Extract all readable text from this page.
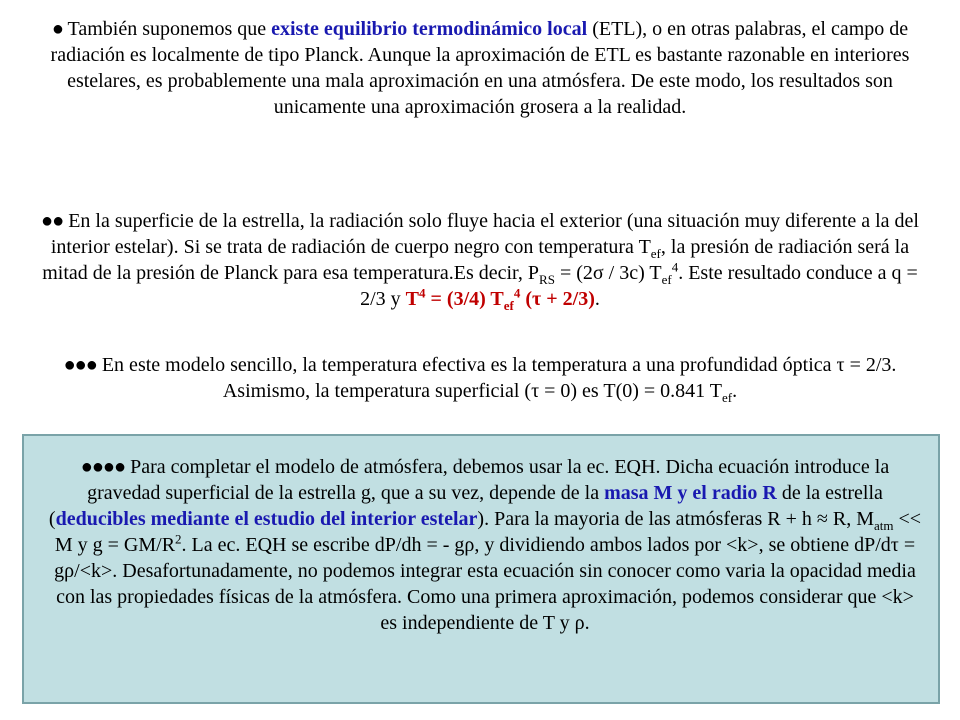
● También suponemos que existe equilibrio termodinámico local (ETL), o en otras palabras, el campo de radiación es localmente de tipo Planck. Aunque la aproximación de ETL es bastante razonable en interiores estelares, es probablemente una mala aproximación en una atmósfera. De este modo, los resultados son unicamente una aproximación grosera a la realidad.
●● En la superficie de la estrella, la radiación solo fluye hacia el exterior (una situación muy diferente a la del interior estelar). Si se trata de radiación de cuerpo negro con temperatura $T_{ef}$, la presión de radiación será la mitad de la presión de Planck para esa temperatura.Es decir, $P_{RS} = (2\sigma / 3c)$ $T_{ef}^4$. Este resultado conduce a q = 2/3 y $T^4 = (3/4)$ $T_{ef}^4$ (τ + 2/3).
●●● En este modelo sencillo, la temperatura efectiva es la temperatura a una profundidad óptica τ = 2/3. Asimismo, la temperatura superficial (τ = 0) es T(0) = 0.841 $T_{ef}$.
●●●● Para completar el modelo de atmósfera, debemos usar la ec. EQH. Dicha ecuación introduce la gravedad superficial de la estrella g, que a su vez, depende de la masa M y el radio R de la estrella (deducibles mediante el estudio del interior estelar). Para la mayoria de las atmósferas R + h ≈ R, $M_{atm} << M$ y $g = GM/R^2$. La ec. EQH se escribe dP/dh = - gρ, y dividiendo ambos lados por <k>, se obtiene dP/dτ = gρ/<k>. Desafortunadamente, no podemos integrar esta ecuación sin conocer como varia la opacidad media con las propiedades físicas de la atmósfera. Como una primera aproximación, podemos considerar que <k> es independiente de T y ρ.
